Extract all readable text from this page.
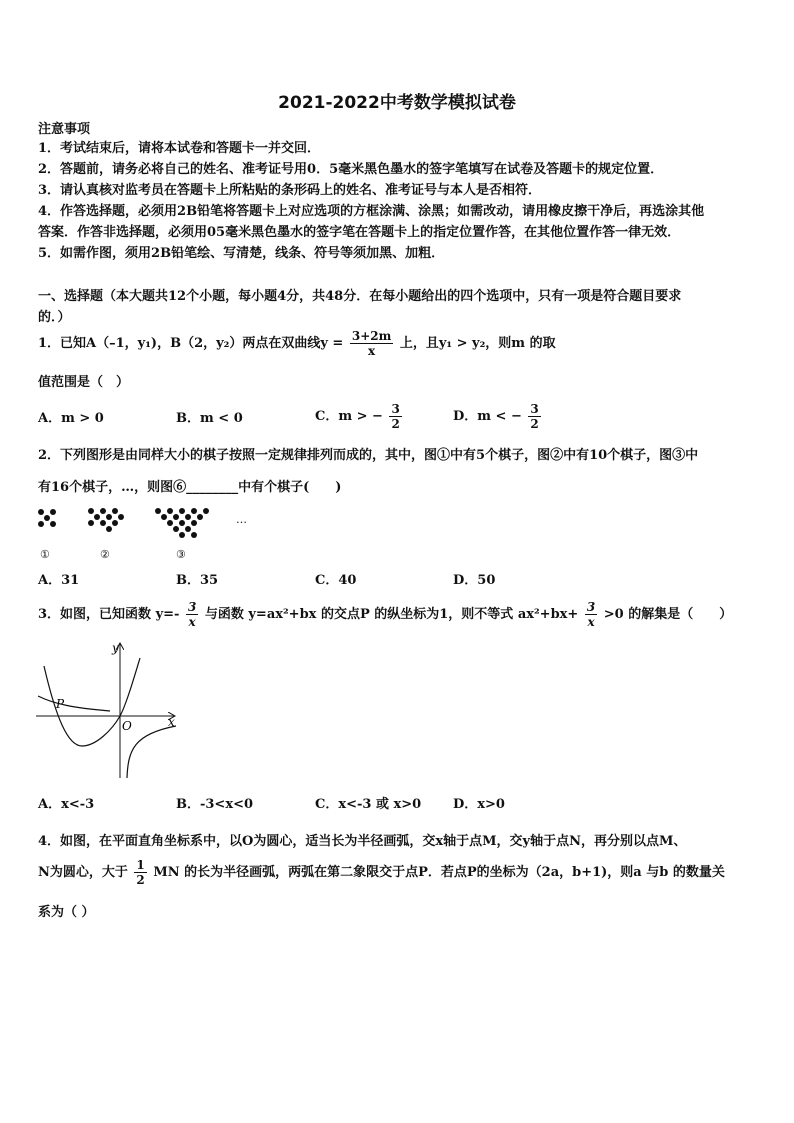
2021-2022中考数学模拟试卷
注意事项
1．考试结束后，请将本试卷和答题卡一并交回．
2．答题前，请务必将自己的姓名、准考证号用0．5毫米黑色墨水的签字笔填写在试卷及答题卡的规定位置．
3．请认真核对监考员在答题卡上所粘贴的条形码上的姓名、准考证号与本人是否相符．
4．作答选择题，必须用2B铅笔将答题卡上对应选项的方框涂满、涂黑；如需改动，请用橡皮擦干净后，再选涂其他
答案．作答非选择题，必须用05毫米黑色墨水的签字笔在答题卡上的指定位置作答，在其他位置作答一律无效．
5．如需作图，须用2B铅笔绘、写清楚，线条、符号等须加黑、加粗．
一、选择题（本大题共12个小题，每小题4分，共48分．在每小题给出的四个选项中，只有一项是符合题目要求
的．）
1．已知A（–1，y₁)，B（2，y₂）两点在双曲线$y = \frac{3+2m}{x}$ 上，且y₁ > y₂，则m 的取
值范围是（　）
A．m > 0	B．m < 0	C．m > − $\frac{3}{2}$	D．m < − $\frac{3}{2}$
2．下列图形是由同样大小的棋子按照一定规律排列而成的，其中，图①中有5个棋子，图②中有10个棋子，图③中
有16个棋子，…，则图⑥________中有个棋子(　　)
…
①	②	③
A．31	B．35	C．40	D．50
3．如图，已知函数 $y=- \frac{3}{x}$ 与函数 y=ax²+bx 的交点P 的纵坐标为1，则不等式 $ax^2+bx+ \frac{3}{x} >0$ 的解集是（　　）
y
x
O
P
A．x<-3	B．-3<x<0	C．x<-3 或 x>0 D．x>0
4．如图，在平面直角坐标系中，以O为圆心，适当长为半径画弧，交x轴于点M，交y轴于点N，再分别以点M、
N为圆心，大于 $\frac{1}{2}$ MN 的长为半径画弧，两弧在第二象限交于点P．若点P的坐标为（2a，b+1)，则a 与b 的数量关
系为（ ）
